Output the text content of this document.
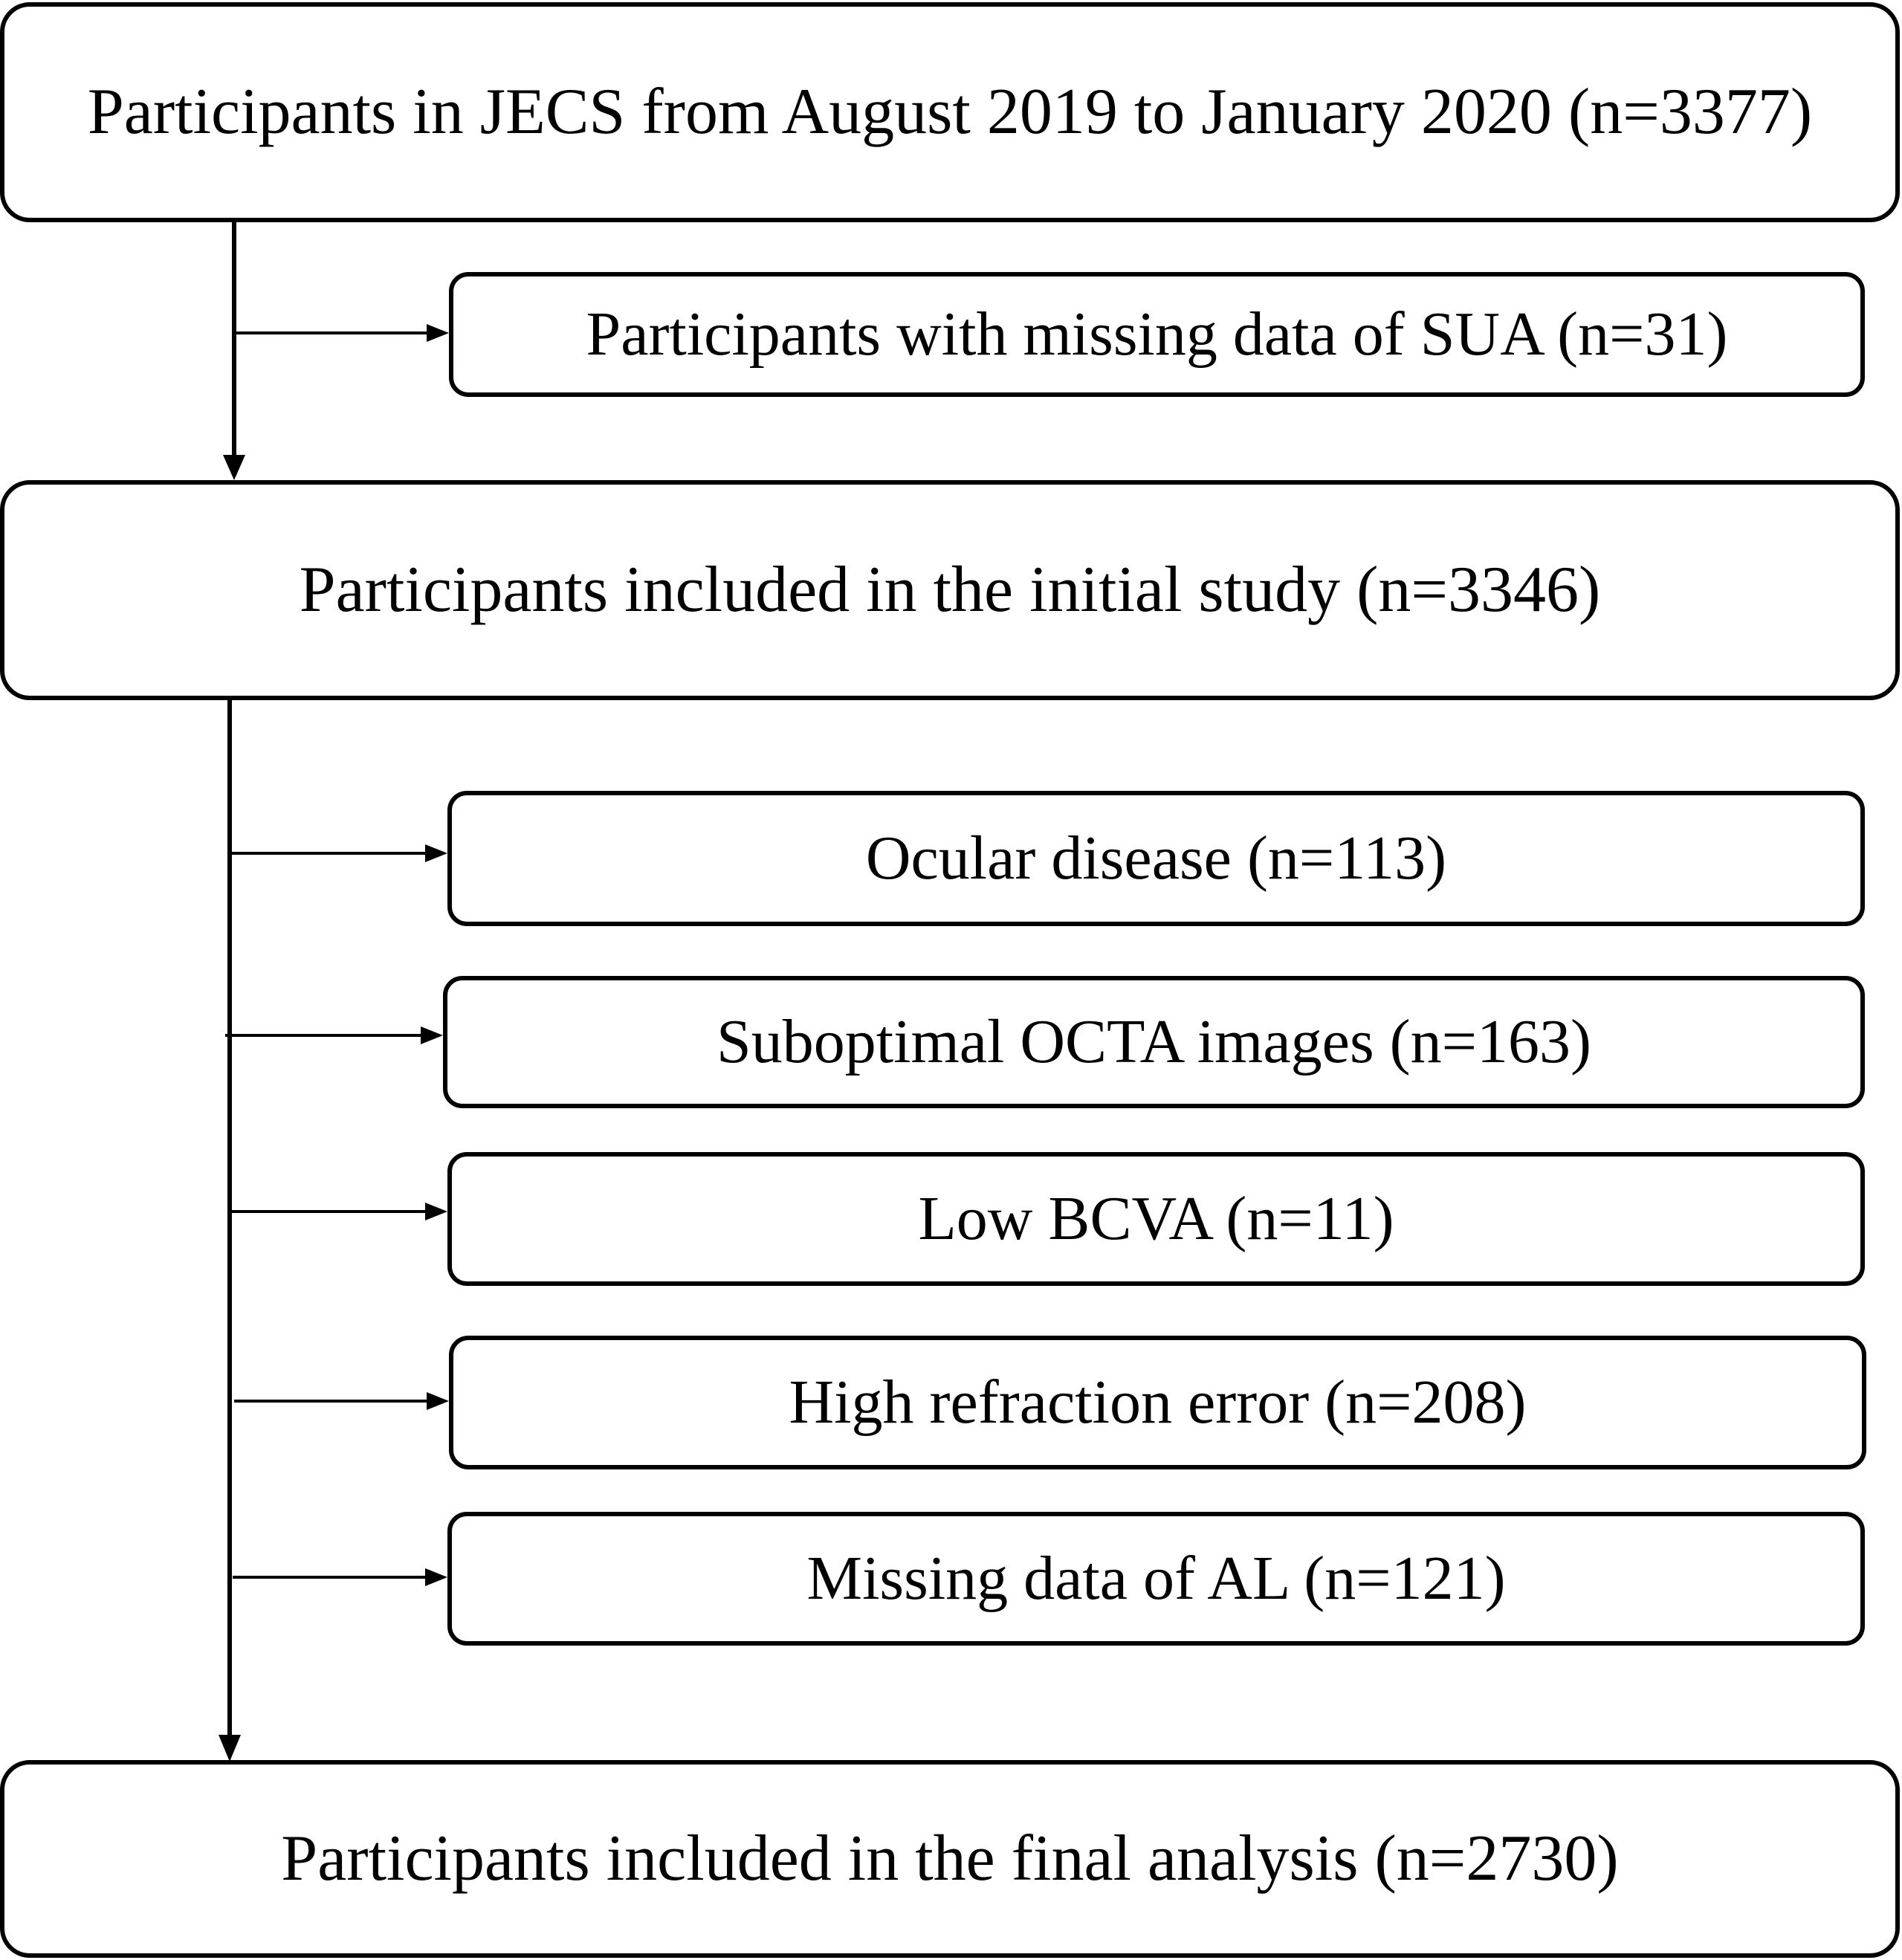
Participants in JECS from August 2019 to January 2020 (n=3377)
Participants included in the initial study (n=3346)
Participants included in the final analysis (n=2730)
Participants with missing data of SUA (n=31)
Ocular disease (n=113)
Suboptimal OCTA images (n=163)
Low BCVA (n=11)
High refraction error (n=208)
Missing data of AL (n=121)
